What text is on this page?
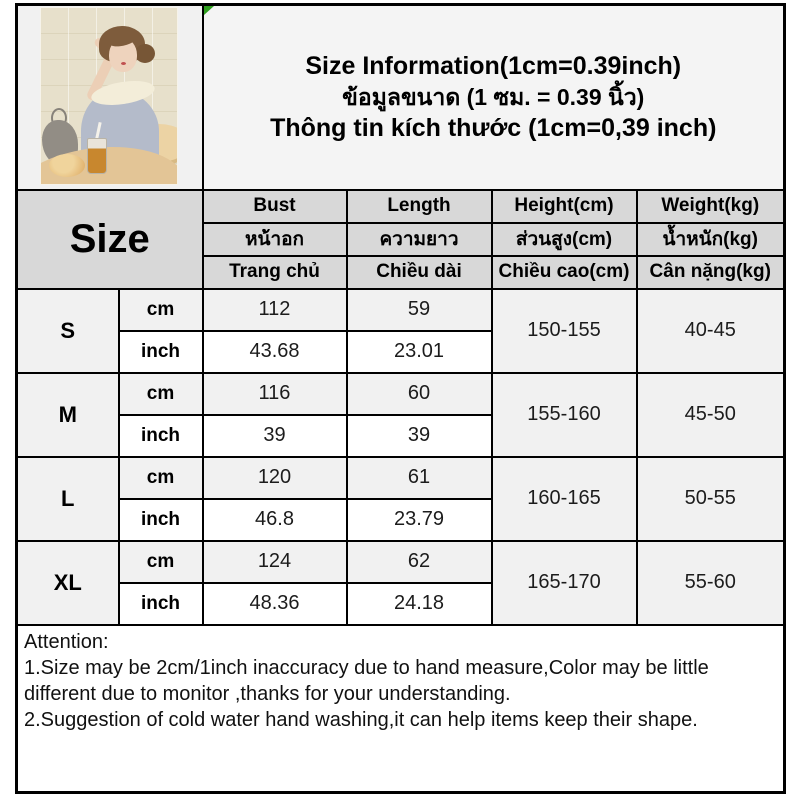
		Size Information(1cm=0.39inch)
ข้อมูลขนาด (1 ซม. = 0.39 นิ้ว)
Thông tin kích thước (1cm=0,39 inch)			

Size		Bust	Length	Height(cm)	Weight(kg)
		หน้าอก	ความยาว	ส่วนสูง(cm)	น้ำหนัก(kg)
		Trang chủ	Chiều dài	Chiều cao(cm)	Cân nặng(kg)
S	cm	112	59	150-155	40-45
	inch	43.68	23.01		
M	cm	116	60	155-160	45-50
	inch	39	39		
L	cm	120	61	160-165	50-55
	inch	46.8	23.79		
XL	cm	124	62	165-170	55-60
	inch	48.36	24.18		

Attention:

1.Size may be 2cm/1inch inaccuracy due to hand measure,Color may be little different due to monitor ,thanks for your understanding.

2.Suggestion of cold water hand washing,it can help items keep their shape.					
